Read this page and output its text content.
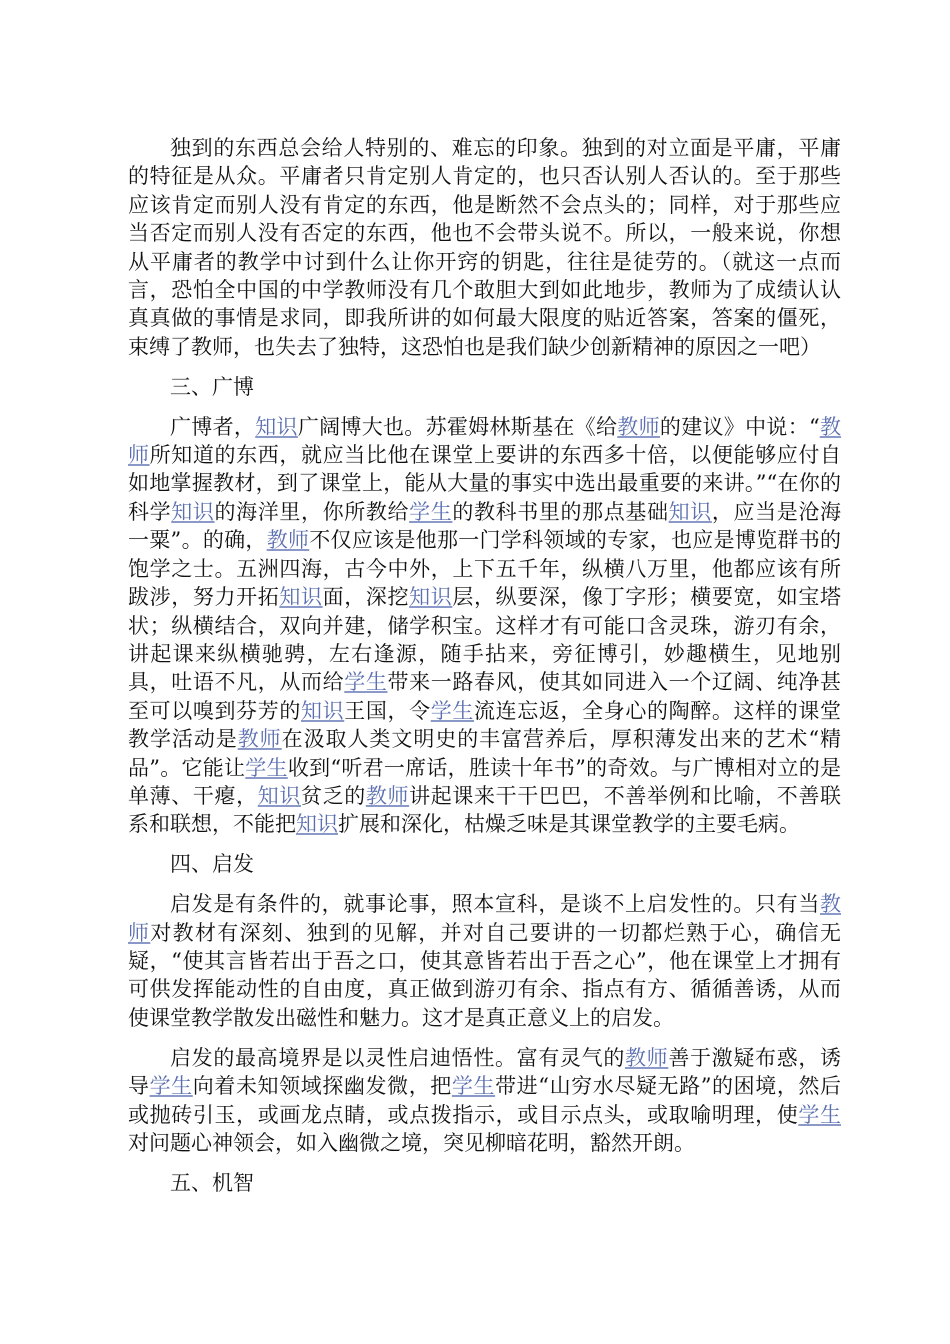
独到的东西总会给人特别的、难忘的印象。独到的对立面是平庸，平庸的特征是从众。平庸者只肯定别人肯定的，也只否认别人否认的。至于那些应该肯定而别人没有肯定的东西，他是断然不会点头的；同样，对于那些应当否定而别人没有否定的东西，他也不会带头说不。所以，一般来说，你想从平庸者的教学中讨到什么让你开窍的钥匙，往往是徒劳的。（就这一点而言，恐怕全中国的中学教师没有几个敢胆大到如此地步，教师为了成绩认认真真做的事情是求同，即我所讲的如何最大限度的贴近答案，答案的僵死，束缚了教师，也失去了独特，这恐怕也是我们缺少创新精神的原因之一吧）

三、广博

广博者，知识广阔博大也。苏霍姆林斯基在《给教师的建议》中说：“教师所知道的东西，就应当比他在课堂上要讲的东西多十倍，以便能够应付自如地掌握教材，到了课堂上，能从大量的事实中选出最重要的来讲。”“在你的科学知识的海洋里，你所教给学生的教科书里的那点基础知识，应当是沧海一粟”。的确，教师不仅应该是他那一门学科领域的专家，也应是博览群书的饱学之士。五洲四海，古今中外，上下五千年，纵横八万里，他都应该有所跋涉，努力开拓知识面，深挖知识层，纵要深，像丁字形；横要宽，如宝塔状；纵横结合，双向并建，储学积宝。这样才有可能口含灵珠，游刃有余，讲起课来纵横驰骋，左右逢源，随手拈来，旁征博引，妙趣横生，见地别具，吐语不凡，从而给学生带来一路春风，使其如同进入一个辽阔、纯净甚至可以嗅到芬芳的知识王国，令学生流连忘返，全身心的陶醉。这样的课堂教学活动是教师在汲取人类文明史的丰富营养后，厚积薄发出来的艺术“精品”。它能让学生收到“听君一席话，胜读十年书”的奇效。与广博相对立的是单薄、干瘪，知识贫乏的教师讲起课来干干巴巴，不善举例和比喻，不善联系和联想，不能把知识扩展和深化，枯燥乏味是其课堂教学的主要毛病。

四、启发

启发是有条件的，就事论事，照本宣科，是谈不上启发性的。只有当教师对教材有深刻、独到的见解，并对自己要讲的一切都烂熟于心，确信无疑，“使其言皆若出于吾之口，使其意皆若出于吾之心”，他在课堂上才拥有可供发挥能动性的自由度，真正做到游刃有余、指点有方、循循善诱，从而使课堂教学散发出磁性和魅力。这才是真正意义上的启发。

启发的最高境界是以灵性启迪悟性。富有灵气的教师善于激疑布惑，诱导学生向着未知领域探幽发微，把学生带进“山穷水尽疑无路”的困境，然后或抛砖引玉，或画龙点睛，或点拨指示，或目示点头，或取喻明理，使学生对问题心神领会，如入幽微之境，突见柳暗花明，豁然开朗。

五、机智
